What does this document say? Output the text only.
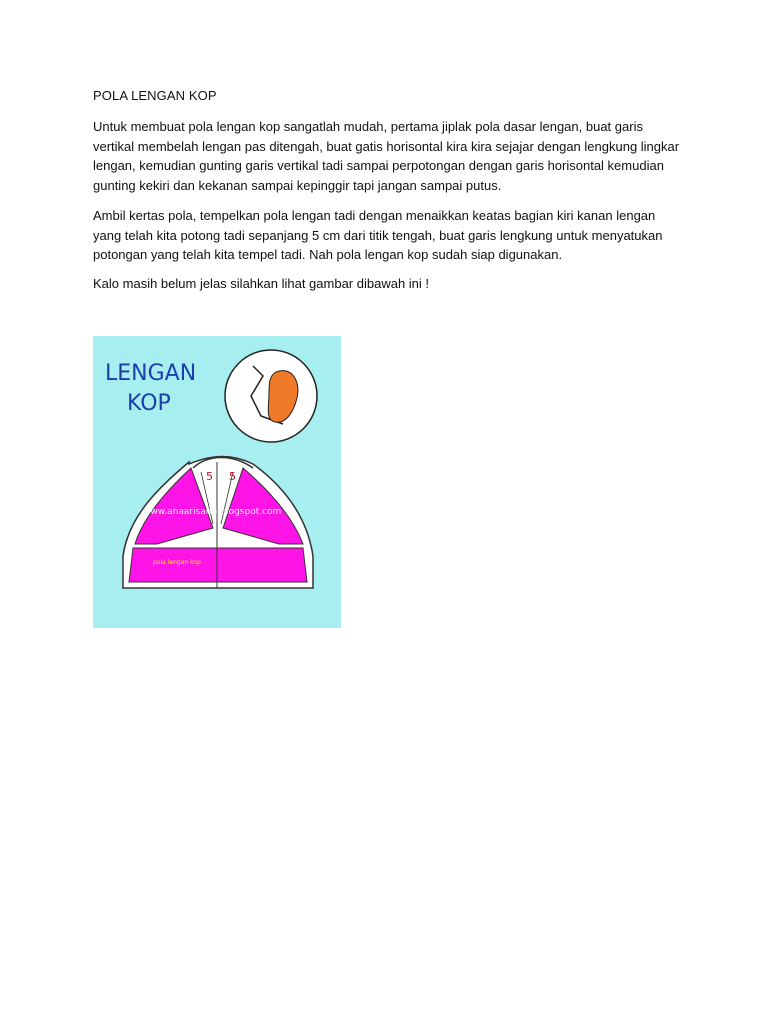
POLA LENGAN KOP
Untuk membuat pola lengan kop sangatlah mudah, pertama jiplak pola dasar lengan, buat garis vertikal membelah lengan pas ditengah, buat gatis horisontal kira kira sejajar dengan lengkung lingkar lengan, kemudian gunting garis vertikal tadi sampai perpotongan dengan garis horisontal kemudian gunting kekiri dan kekanan sampai kepinggir tapi jangan sampai putus.
Ambil kertas pola, tempelkan pola lengan tadi dengan menaikkan keatas bagian kiri kanan lengan yang telah kita potong tadi sepanjang 5 cm dari titik tengah, buat garis lengkung untuk menyatukan potongan yang telah kita tempel tadi. Nah pola lengan kop sudah siap digunakan.
Kalo masih belum jelas silahkan lihat gambar dibawah ini !
LENGAN
KOP
5 5
www.anaarisanti.blogspot.com
pola lengan kop
